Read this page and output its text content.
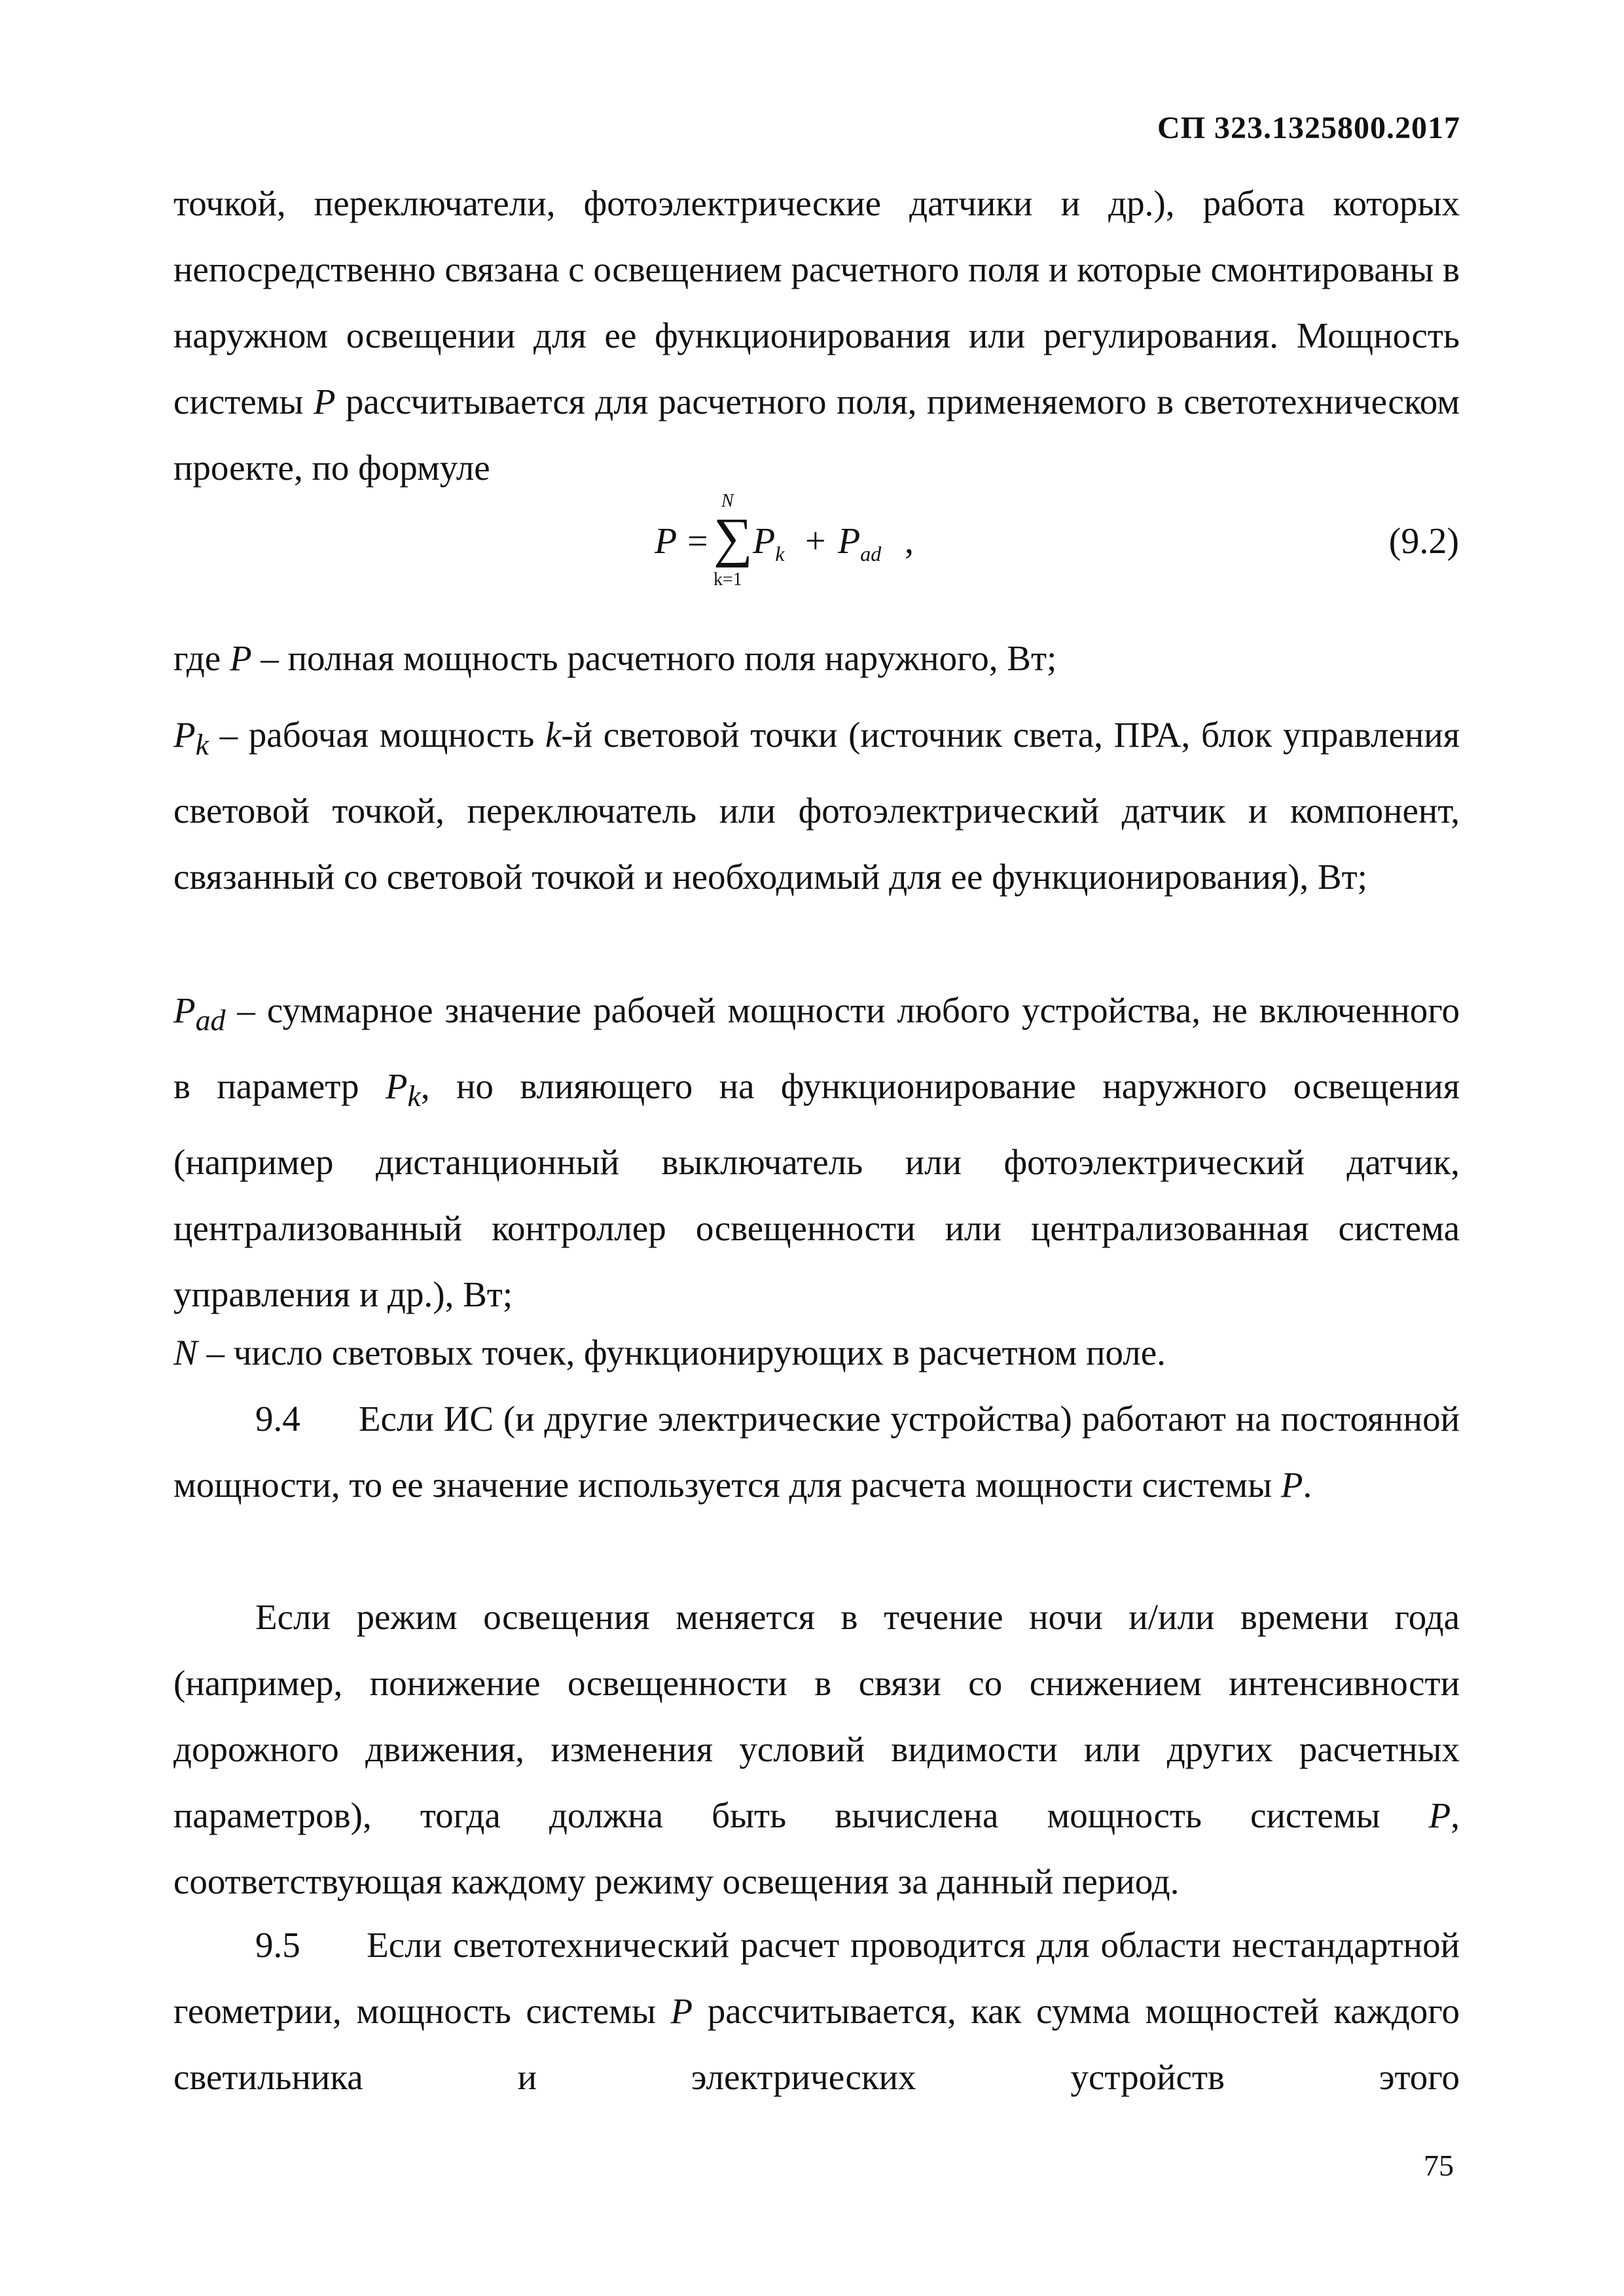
СП 323.1325800.2017

точкой, переключатели, фотоэлектрические датчики и др.), работа которых непосредственно связана с освещением расчетного поля и которые смонтированы в наружном освещении для ее функционирования или регулирования. Мощность системы P рассчитывается для расчетного поля, применяемого в светотехническом проекте, по формуле

P =
N
∑
k=1
$P_k + P_{ad}$ ,	(9.2)

где P – полная мощность расчетного поля наружного, Вт;

$P_k$ – рабочая мощность k-й световой точки (источник света, ПРА, блок управления световой точкой, переключатель или фотоэлектрический датчик и компонент, связанный со световой точкой и необходимый для ее функционирования), Вт;

$P_{ad}$ – суммарное значение рабочей мощности любого устройства, не включенного в параметр $P_k$, но влияющего на функционирование наружного освещения (например дистанционный выключатель или фотоэлектрический датчик, централизованный контроллер освещенности или централизованная система управления и др.), Вт;

N – число световых точек, функционирующих в расчетном поле.

9.4 Если ИС (и другие электрические устройства) работают на постоянной мощности, то ее значение используется для расчета мощности системы P.

Если режим освещения меняется в течение ночи и/или времени года (например, понижение освещенности в связи со снижением интенсивности дорожного движения, изменения условий видимости или других расчетных параметров), тогда должна быть вычислена мощность системы P, соответствующая каждому режиму освещения за данный период.

9.5 Если светотехнический расчет проводится для области нестандартной геометрии, мощность системы P рассчитывается, как сумма мощностей каждого светильника и электрических устройств этого

75
